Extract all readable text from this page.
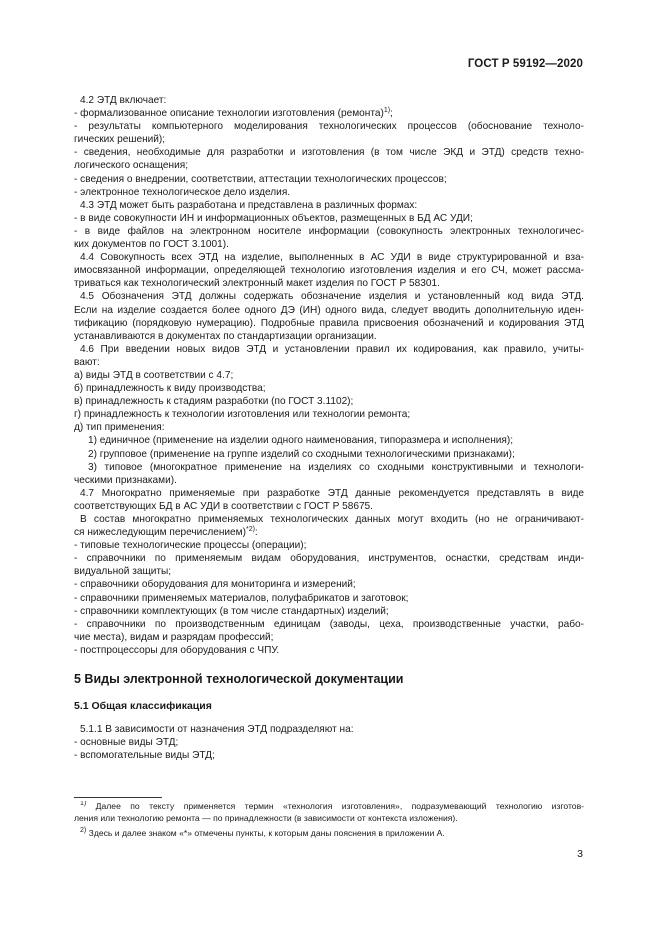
ГОСТ Р 59192—2020
4.2 ЭТД включает:
- формализованное описание технологии изготовления (ремонта)$^{1)}$;
- результаты компьютерного моделирования технологических процессов (обоснование техноло-
гических решений);
- сведения, необходимые для разработки и изготовления (в том числе ЭКД и ЭТД) средств техно-
логического оснащения;
- сведения о внедрении, соответствии, аттестации технологических процессов;
- электронное технологическое дело изделия.
4.3 ЭТД может быть разработана и представлена в различных формах:
- в виде совокупности ИН и информационных объектов, размещенных в БД АС УДИ;
- в виде файлов на электронном носителе информации (совокупность электронных технологичес-
ких документов по ГОСТ 3.1001).
4.4 Совокупность всех ЭТД на изделие, выполненных в АС УДИ в виде структурированной и вза-
имосвязанной информации, определяющей технологию изготовления изделия и его СЧ, может рассма-
триваться как технологический электронный макет изделия по ГОСТ Р 58301.
4.5 Обозначения ЭТД должны содержать обозначение изделия и установленный код вида ЭТД.
Если на изделие создается более одного ДЭ (ИН) одного вида, следует вводить дополнительную иден-
тификацию (порядковую нумерацию). Подробные правила присвоения обозначений и кодирования ЭТД
устанавливаются в документах по стандартизации организации.
4.6 При введении новых видов ЭТД и установлении правил их кодирования, как правило, учиты-
вают:
а) виды ЭТД в соответствии с 4.7;
б) принадлежность к виду производства;
в) принадлежность к стадиям разработки (по ГОСТ 3.1102);
г) принадлежность к технологии изготовления или технологии ремонта;
д) тип применения:
1) единичное (применение на изделии одного наименования, типоразмера и исполнения);
2) групповое (применение на группе изделий со сходными технологическими признаками);
3) типовое (многократное применение на изделиях со сходными конструктивными и технологи-
ческими признаками).
4.7 Многократно применяемые при разработке ЭТД данные рекомендуется представлять в виде
соответствующих БД в АС УДИ в соответствии с ГОСТ Р 58675.
В состав многократно применяемых технологических данных могут входить (но не ограничивают-
ся нижеследующим перечислением)$^{*2)}$:
- типовые технологические процессы (операции);
- справочники по применяемым видам оборудования, инструментов, оснастки, средствам инди-
видуальной защиты;
- справочники оборудования для мониторинга и измерений;
- справочники применяемых материалов, полуфабрикатов и заготовок;
- справочники комплектующих (в том числе стандартных) изделий;
- справочники по производственным единицам (заводы, цеха, производственные участки, рабо-
чие места), видам и разрядам профессий;
- постпроцессоры для оборудования с ЧПУ.
5 Виды электронной технологической документации
5.1 Общая классификация
5.1.1 В зависимости от назначения ЭТД подразделяют на:
- основные виды ЭТД;
- вспомогательные виды ЭТД;
$^{1)}$ Далее по тексту применяется термин «технология изготовления», подразумевающий технологию изготов-
ления или технологию ремонта — по принадлежности (в зависимости от контекста изложения).
$^{2)}$ Здесь и далее знаком «*» отмечены пункты, к которым даны пояснения в приложении А.
3
